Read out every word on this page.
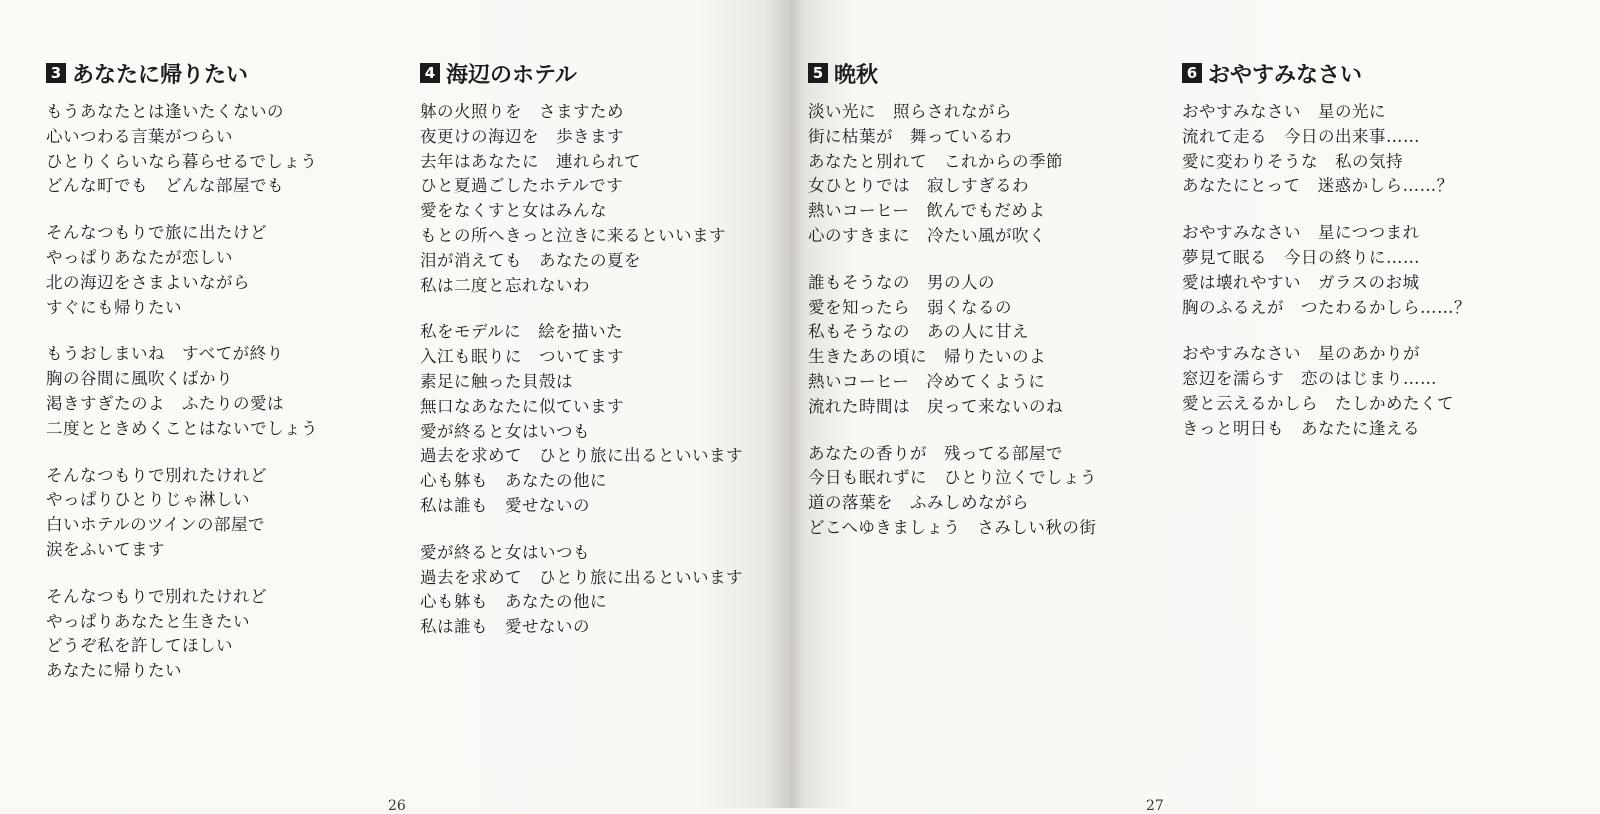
3 あなたに帰りたい
もうあなたとは逢いたくないの
心いつわる言葉がつらい
ひとりくらいなら暮らせるでしょう
どんな町でも　どんな部屋でも
そんなつもりで旅に出たけど
やっぱりあなたが恋しい
北の海辺をさまよいながら
すぐにも帰りたい
もうおしまいね　すべてが終り
胸の谷間に風吹くばかり
渇きすぎたのよ　ふたりの愛は
二度とときめくことはないでしょう
そんなつもりで別れたけれど
やっぱりひとりじゃ淋しい
白いホテルのツインの部屋で
涙をふいてます
そんなつもりで別れたけれど
やっぱりあなたと生きたい
どうぞ私を許してほしい
あなたに帰りたい
4 海辺のホテル
躰の火照りを　さますため
夜更けの海辺を　歩きます
去年はあなたに　連れられて
ひと夏過ごしたホテルです
愛をなくすと女はみんな
もとの所へきっと泣きに来るといいます
泪が消えても　あなたの夏を
私は二度と忘れないわ
私をモデルに　絵を描いた
入江も眠りに　ついてます
素足に触った貝殻は
無口なあなたに似ています
愛が終ると女はいつも
過去を求めて　ひとり旅に出るといいます
心も躰も　あなたの他に
私は誰も　愛せないの
愛が終ると女はいつも
過去を求めて　ひとり旅に出るといいます
心も躰も　あなたの他に
私は誰も　愛せないの
26
5 晩秋
淡い光に　照らされながら
街に枯葉が　舞っているわ
あなたと別れて　これからの季節
女ひとりでは　寂しすぎるわ
熱いコーヒー　飲んでもだめよ
心のすきまに　冷たい風が吹く
誰もそうなの　男の人の
愛を知ったら　弱くなるの
私もそうなの　あの人に甘え
生きたあの頃に　帰りたいのよ
熱いコーヒー　冷めてくように
流れた時間は　戻って来ないのね
あなたの香りが　残ってる部屋で
今日も眠れずに　ひとり泣くでしょう
道の落葉を　ふみしめながら
どこへゆきましょう　さみしい秋の街
6 おやすみなさい
おやすみなさい　星の光に
流れて走る　今日の出来事……
愛に変わりそうな　私の気持
あなたにとって　迷惑かしら……？
おやすみなさい　星につつまれ
夢見て眠る　今日の終りに……
愛は壊れやすい　ガラスのお城
胸のふるえが　つたわるかしら……？
おやすみなさい　星のあかりが
窓辺を濡らす　恋のはじまり……
愛と云えるかしら　たしかめたくて
きっと明日も　あなたに逢える
27
